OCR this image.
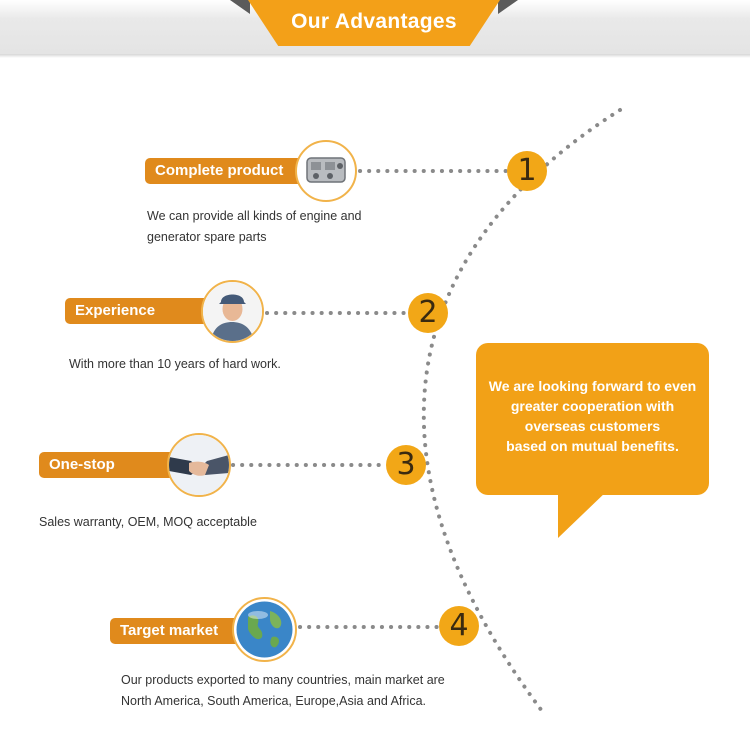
Our Advantages
Complete product
We can provide all kinds of engine and
generator spare parts
1
Experience
With more than 10 years of hard work.
2
One-stop
Sales warranty, OEM, MOQ acceptable
3
Target market
Our products exported to many countries, main market are
North America, South America, Europe,Asia and Africa.
4
We are looking forward to even
greater cooperation with
overseas customers
based on mutual benefits.
